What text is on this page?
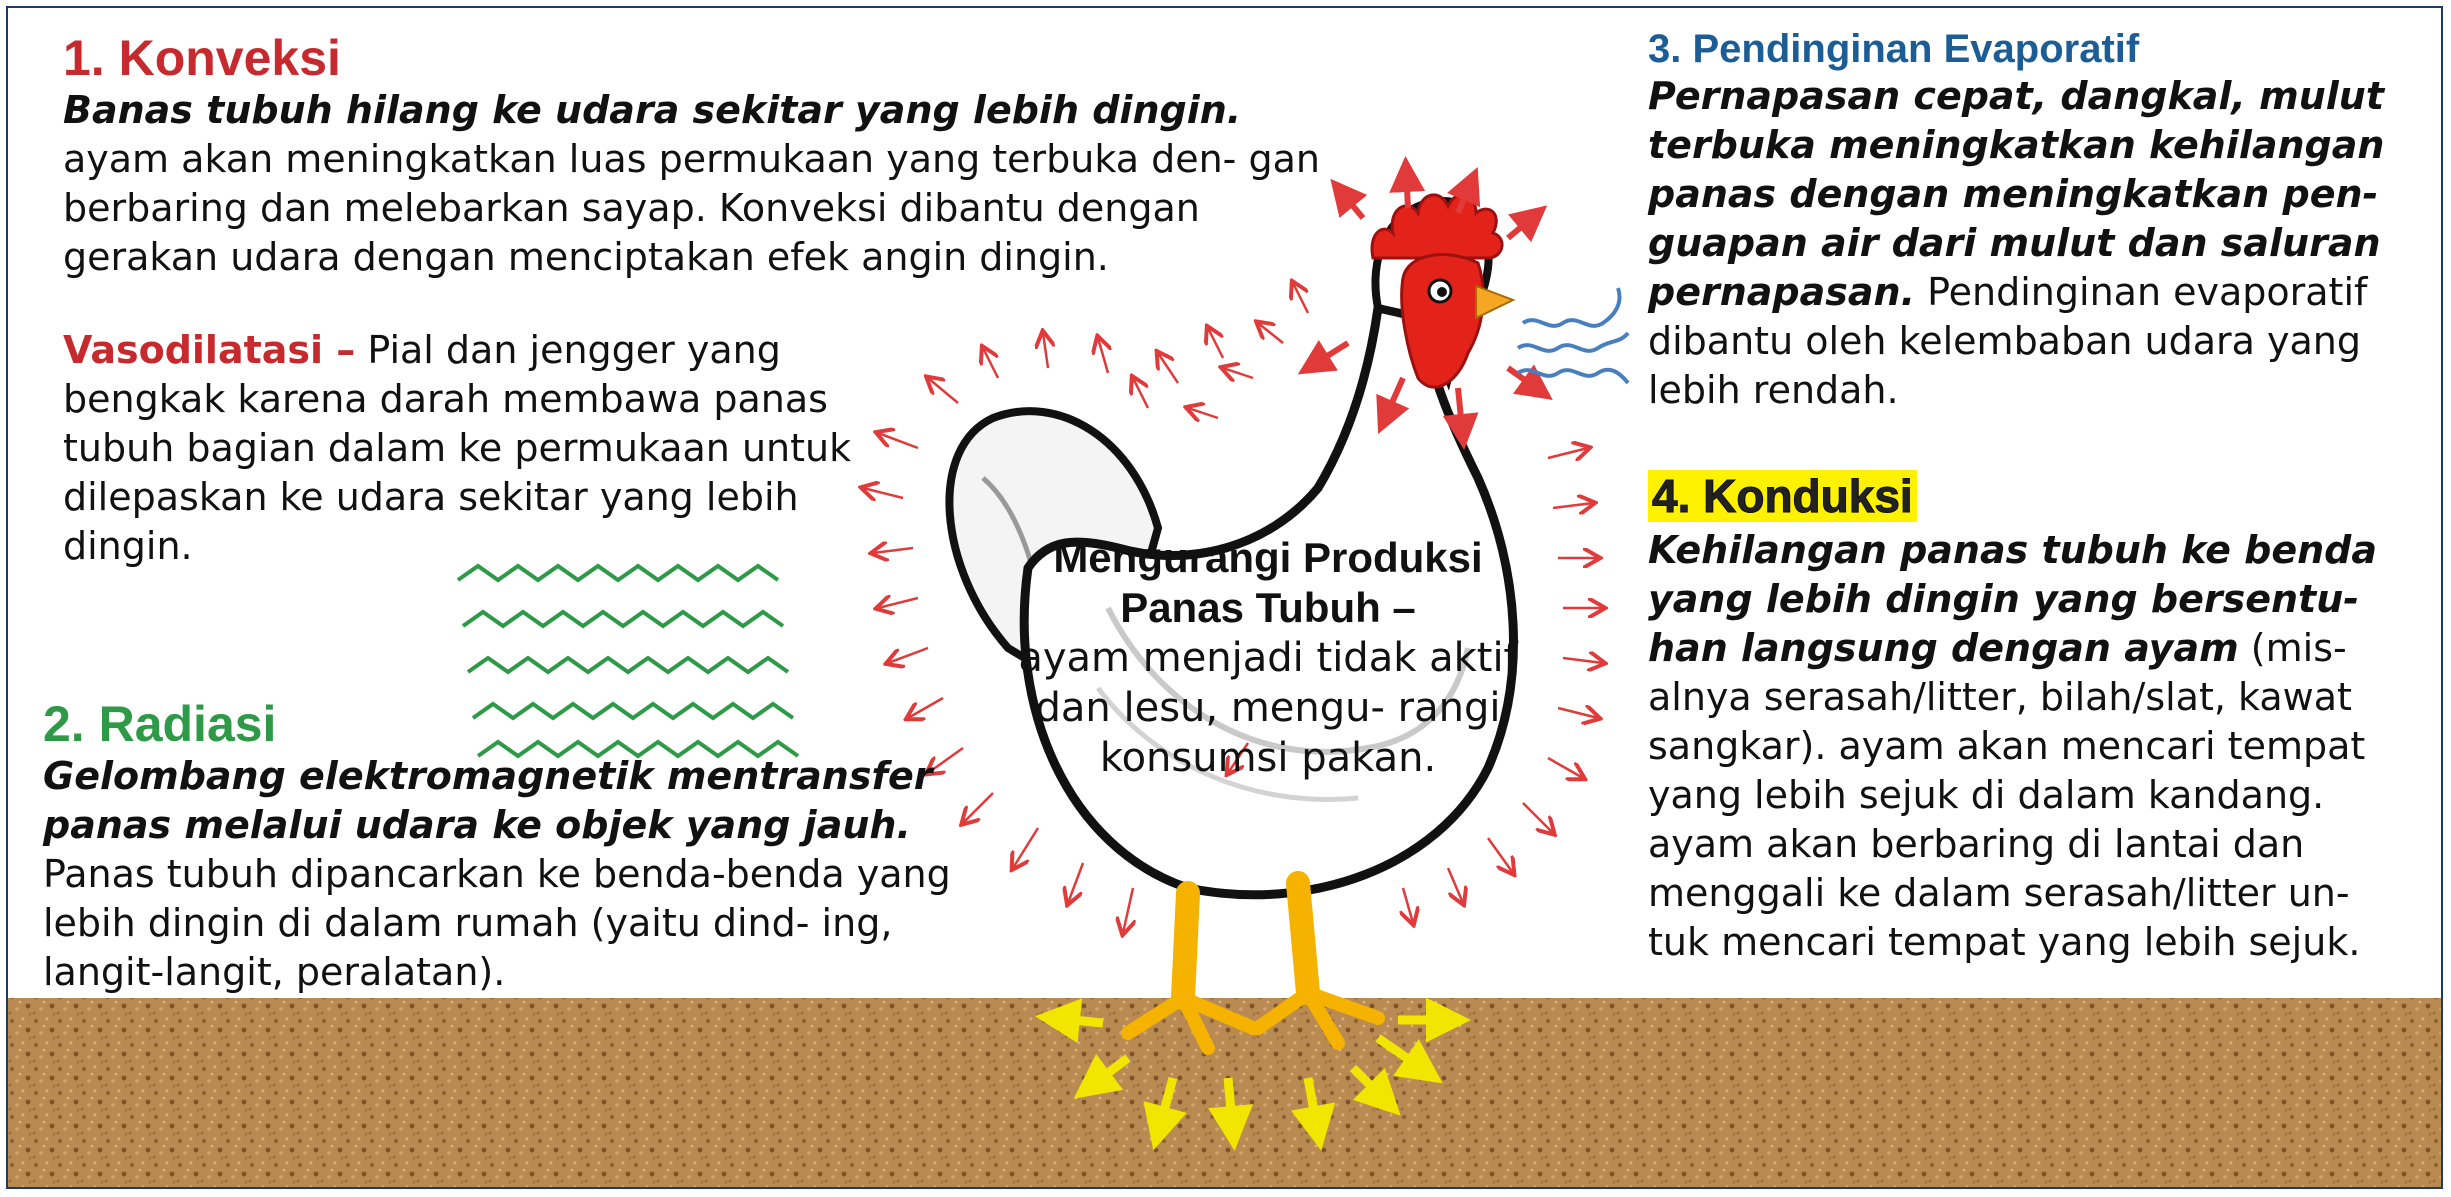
1. Konveksi
Banas tubuh hilang ke udara sekitar yang lebih dingin. ayam akan meningkatkan luas permukaan yang terbuka den- gan berbaring dan melebarkan sayap. Konveksi dibantu dengan gerakan udara dengan menciptakan efek angin dingin.
Vasodilatasi – Pial dan jengger yang bengkak karena darah membawa panas tubuh bagian dalam ke permukaan untuk dilepaskan ke udara sekitar yang lebih dingin.
2. Radiasi
Gelombang elektromagnetik mentransfer panas melalui udara ke objek yang jauh. Panas tubuh dipancarkan ke benda-benda yang lebih dingin di dalam rumah (yaitu dind- ing, langit-langit, peralatan).
3. Pendinginan Evaporatif
Pernapasan cepat, dangkal, mulut terbuka meningkatkan kehilangan panas dengan meningkatkan pen- guapan air dari mulut dan saluran pernapasan. Pendinginan evaporatif dibantu oleh kelembaban udara yang lebih rendah.
4. Konduksi
Kehilangan panas tubuh ke benda yang lebih dingin yang bersentu- han langsung dengan ayam (mis- alnya serasah/litter, bilah/slat, kawat sangkar). ayam akan mencari tempat yang lebih sejuk di dalam kandang. ayam akan berbaring di lantai dan menggali ke dalam serasah/litter un- tuk mencari tempat yang lebih sejuk.
Mengurangi Produksi Panas Tubuh –
ayam menjadi tidak aktif dan lesu, mengu- rangi konsumsi pakan.
